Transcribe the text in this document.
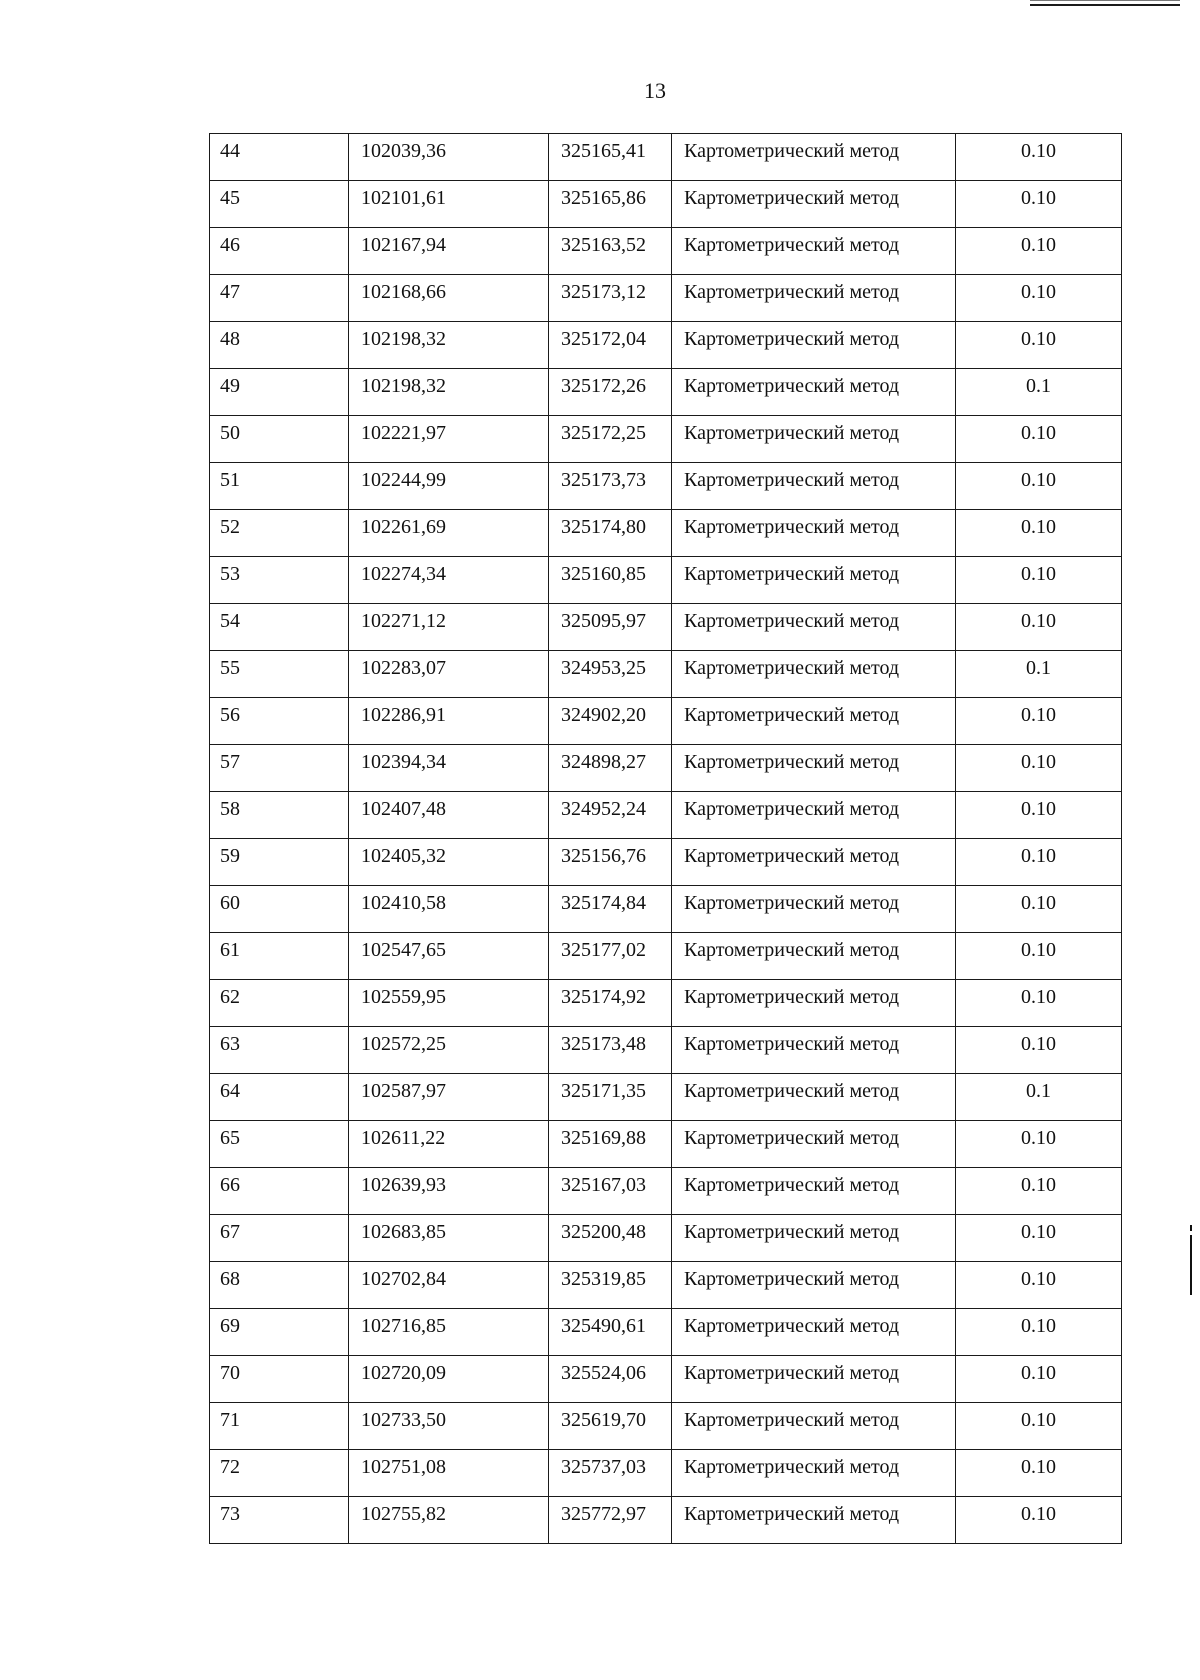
13
44	102039,36	325165,41	Картометрический метод	0.10
45	102101,61	325165,86	Картометрический метод	0.10
46	102167,94	325163,52	Картометрический метод	0.10
47	102168,66	325173,12	Картометрический метод	0.10
48	102198,32	325172,04	Картометрический метод	0.10
49	102198,32	325172,26	Картометрический метод	0.1
50	102221,97	325172,25	Картометрический метод	0.10
51	102244,99	325173,73	Картометрический метод	0.10
52	102261,69	325174,80	Картометрический метод	0.10
53	102274,34	325160,85	Картометрический метод	0.10
54	102271,12	325095,97	Картометрический метод	0.10
55	102283,07	324953,25	Картометрический метод	0.1
56	102286,91	324902,20	Картометрический метод	0.10
57	102394,34	324898,27	Картометрический метод	0.10
58	102407,48	324952,24	Картометрический метод	0.10
59	102405,32	325156,76	Картометрический метод	0.10
60	102410,58	325174,84	Картометрический метод	0.10
61	102547,65	325177,02	Картометрический метод	0.10
62	102559,95	325174,92	Картометрический метод	0.10
63	102572,25	325173,48	Картометрический метод	0.10
64	102587,97	325171,35	Картометрический метод	0.1
65	102611,22	325169,88	Картометрический метод	0.10
66	102639,93	325167,03	Картометрический метод	0.10
67	102683,85	325200,48	Картометрический метод	0.10
68	102702,84	325319,85	Картометрический метод	0.10
69	102716,85	325490,61	Картометрический метод	0.10
70	102720,09	325524,06	Картометрический метод	0.10
71	102733,50	325619,70	Картометрический метод	0.10
72	102751,08	325737,03	Картометрический метод	0.10
73	102755,82	325772,97	Картометрический метод	0.10
